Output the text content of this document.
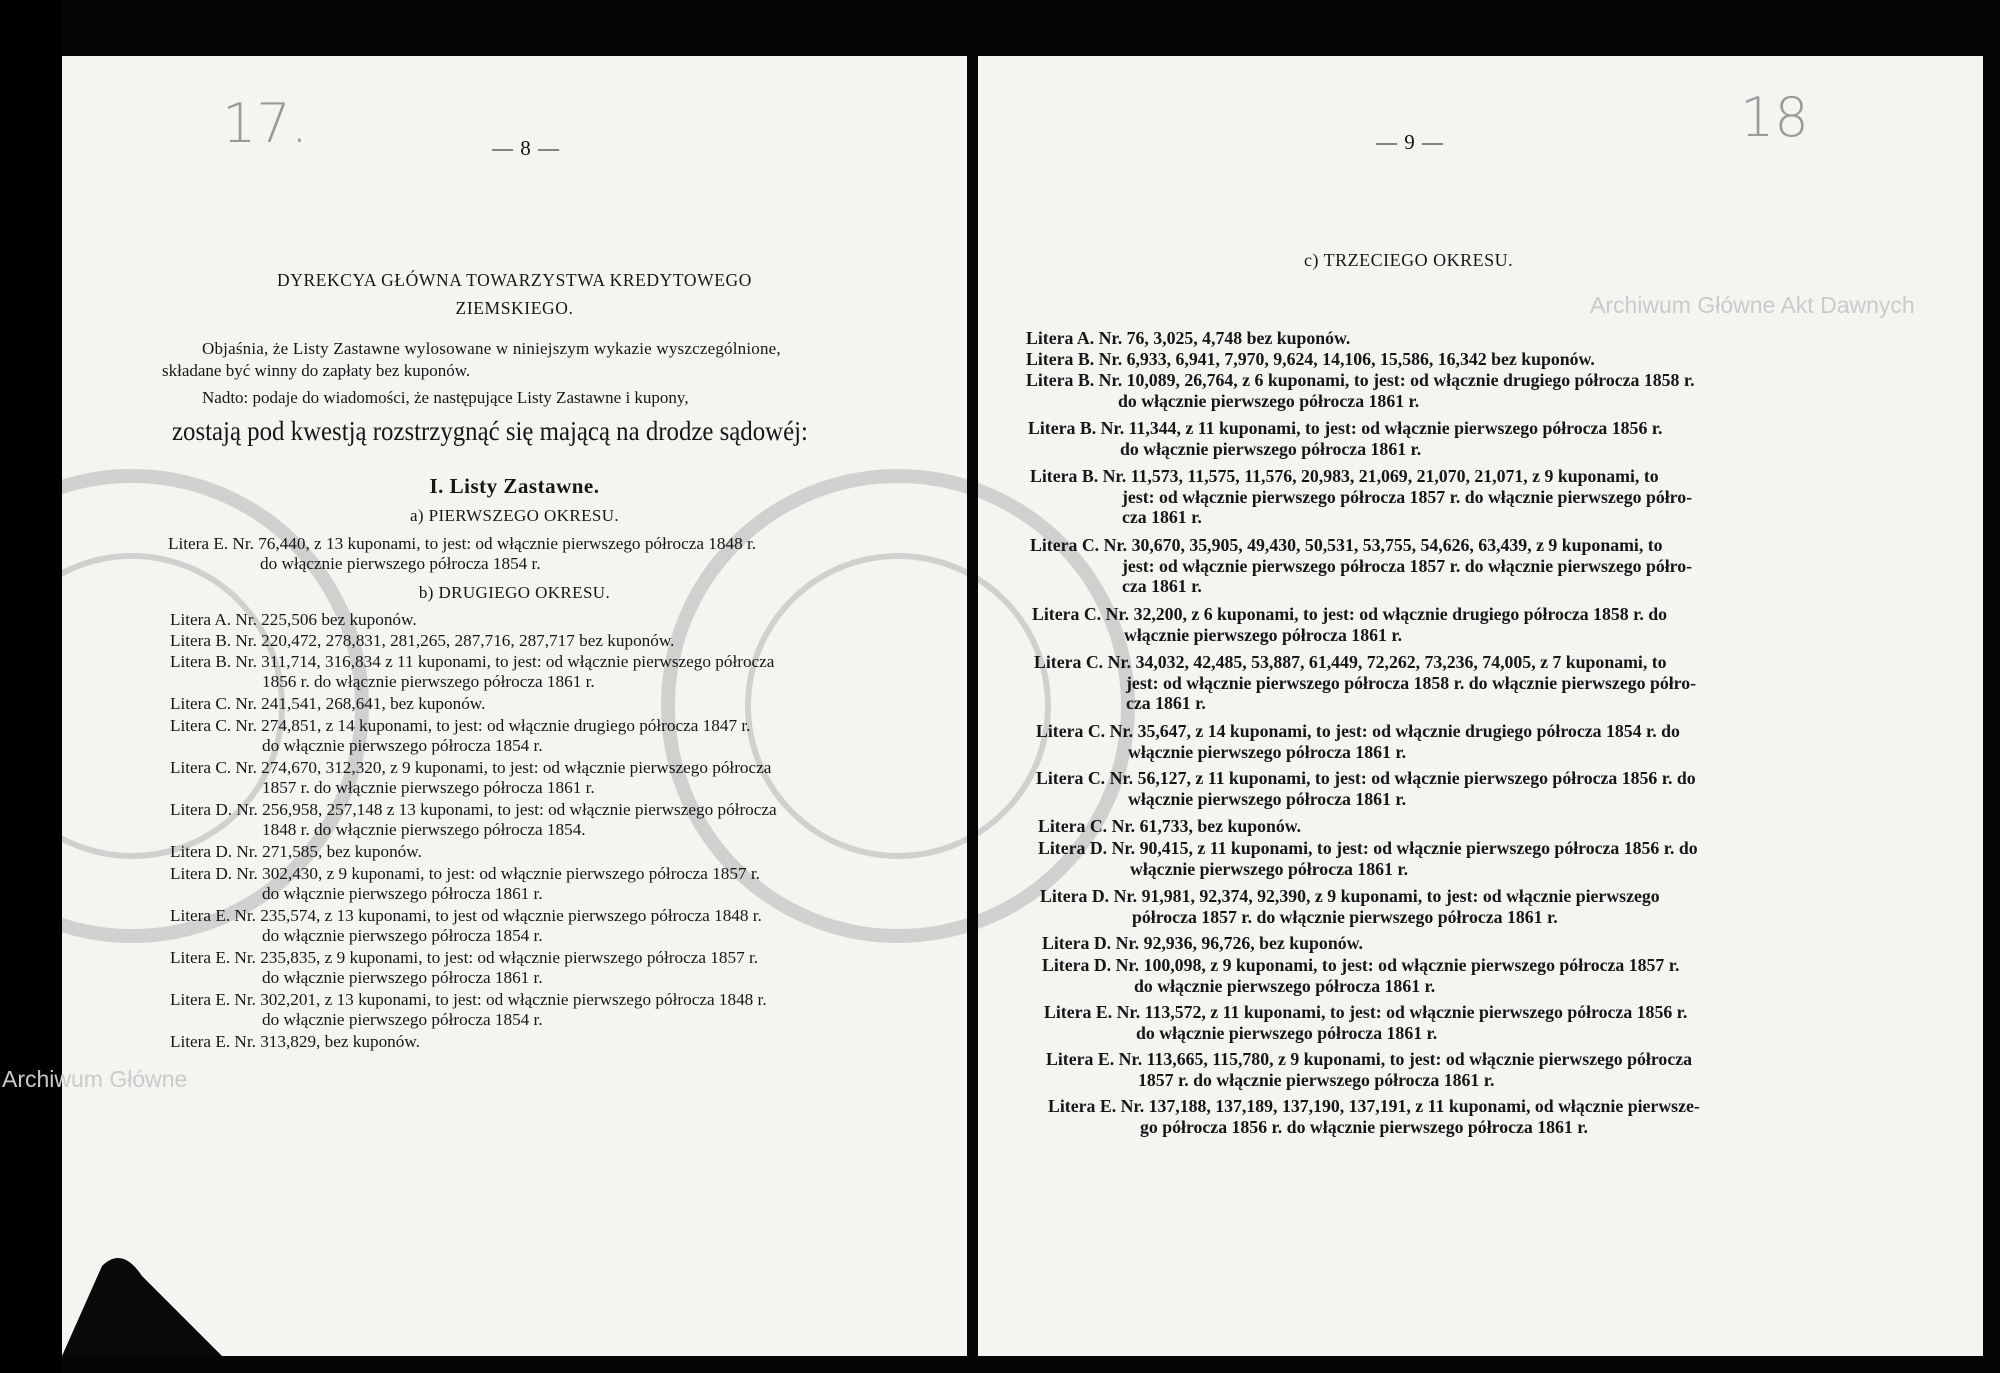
17.	— 8 —
DYREKCYA GŁÓWNA TOWARZYSTWA KREDYTOWEGO
ZIEMSKIEGO.
Objaśnia, że Listy Zastawne wylosowane w niniejszym wykazie wyszczególnione,
składane być winny do zapłaty bez kuponów.
Nadto: podaje do wiadomości, że następujące Listy Zastawne i kupony,
zostają pod kwestją rozstrzygnąć się mającą na drodze sądowéj:
I. Listy Zastawne.
a) PIERWSZEGO OKRESU.
Litera E. Nr. 76,440, z 13 kuponami, to jest: od włącznie pierwszego półrocza 1848 r.
do włącznie pierwszego półrocza 1854 r.
b) DRUGIEGO OKRESU.
Litera A. Nr. 225,506 bez kuponów.
Litera B. Nr. 220,472, 278,831, 281,265, 287,716, 287,717 bez kuponów.
Litera B. Nr. 311,714, 316,834 z 11 kuponami, to jest: od włącznie pierwszego półrocza
1856 r. do włącznie pierwszego półrocza 1861 r.
Litera C. Nr. 241,541, 268,641, bez kuponów.
Litera C. Nr. 274,851, z 14 kuponami, to jest: od włącznie drugiego półrocza 1847 r.
do włącznie pierwszego półrocza 1854 r.
Litera C. Nr. 274,670, 312,320, z 9 kuponami, to jest: od włącznie pierwszego półrocza
1857 r. do włącznie pierwszego półrocza 1861 r.
Litera D. Nr. 256,958, 257,148 z 13 kuponami, to jest: od włącznie pierwszego półrocza
1848 r. do włącznie pierwszego półrocza 1854.
Litera D. Nr. 271,585, bez kuponów.
Litera D. Nr. 302,430, z 9 kuponami, to jest: od włącznie pierwszego półrocza 1857 r.
do włącznie pierwszego półrocza 1861 r.
Litera E. Nr. 235,574, z 13 kuponami, to jest od włącznie pierwszego półrocza 1848 r.
do włącznie pierwszego półrocza 1854 r.
Litera E. Nr. 235,835, z 9 kuponami, to jest: od włącznie pierwszego półrocza 1857 r.
do włącznie pierwszego półrocza 1861 r.
Litera E. Nr. 302,201, z 13 kuponami, to jest: od włącznie pierwszego półrocza 1848 r.
do włącznie pierwszego półrocza 1854 r.
Litera E. Nr. 313,829, bez kuponów.
Archiwum Główne
18
— 9 —
Archiwum Główne Akt Dawnych
c) TRZECIEGO OKRESU.
Litera A. Nr. 76, 3,025, 4,748 bez kuponów.
Litera B. Nr. 6,933, 6,941, 7,970, 9,624, 14,106, 15,586, 16,342 bez kuponów.
Litera B. Nr. 10,089, 26,764, z 6 kuponami, to jest: od włącznie drugiego półrocza 1858 r.
do włącznie pierwszego półrocza 1861 r.
Litera B. Nr. 11,344, z 11 kuponami, to jest: od włącznie pierwszego półrocza 1856 r.
do włącznie pierwszego półrocza 1861 r.
Litera B. Nr. 11,573, 11,575, 11,576, 20,983, 21,069, 21,070, 21,071, z 9 kuponami, to
jest: od włącznie pierwszego półrocza 1857 r. do włącznie pierwszego półro-
cza 1861 r.
Litera C. Nr. 30,670, 35,905, 49,430, 50,531, 53,755, 54,626, 63,439, z 9 kuponami, to
jest: od włącznie pierwszego półrocza 1857 r. do włącznie pierwszego półro-
cza 1861 r.
Litera C. Nr. 32,200, z 6 kuponami, to jest: od włącznie drugiego półrocza 1858 r. do
włącznie pierwszego półrocza 1861 r.
Litera C. Nr. 34,032, 42,485, 53,887, 61,449, 72,262, 73,236, 74,005, z 7 kuponami, to
jest: od włącznie pierwszego półrocza 1858 r. do włącznie pierwszego półro-
cza 1861 r.
Litera C. Nr. 35,647, z 14 kuponami, to jest: od włącznie drugiego półrocza 1854 r. do
włącznie pierwszego półrocza 1861 r.
Litera C. Nr. 56,127, z 11 kuponami, to jest: od włącznie pierwszego półrocza 1856 r. do
włącznie pierwszego półrocza 1861 r.
Litera C. Nr. 61,733, bez kuponów.
Litera D. Nr. 90,415, z 11 kuponami, to jest: od włącznie pierwszego półrocza 1856 r. do
włącznie pierwszego półrocza 1861 r.
Litera D. Nr. 91,981, 92,374, 92,390, z 9 kuponami, to jest: od włącznie pierwszego
półrocza 1857 r. do włącznie pierwszego półrocza 1861 r.
Litera D. Nr. 92,936, 96,726, bez kuponów.
Litera D. Nr. 100,098, z 9 kuponami, to jest: od włącznie pierwszego półrocza 1857 r.
do włącznie pierwszego półrocza 1861 r.
Litera E. Nr. 113,572, z 11 kuponami, to jest: od włącznie pierwszego półrocza 1856 r.
do włącznie pierwszego półrocza 1861 r.
Litera E. Nr. 113,665, 115,780, z 9 kuponami, to jest: od włącznie pierwszego półrocza
1857 r. do włącznie pierwszego półrocza 1861 r.
Litera E. Nr. 137,188, 137,189, 137,190, 137,191, z 11 kuponami, od włącznie pierwsze-
go półrocza 1856 r. do włącznie pierwszego półrocza 1861 r.
